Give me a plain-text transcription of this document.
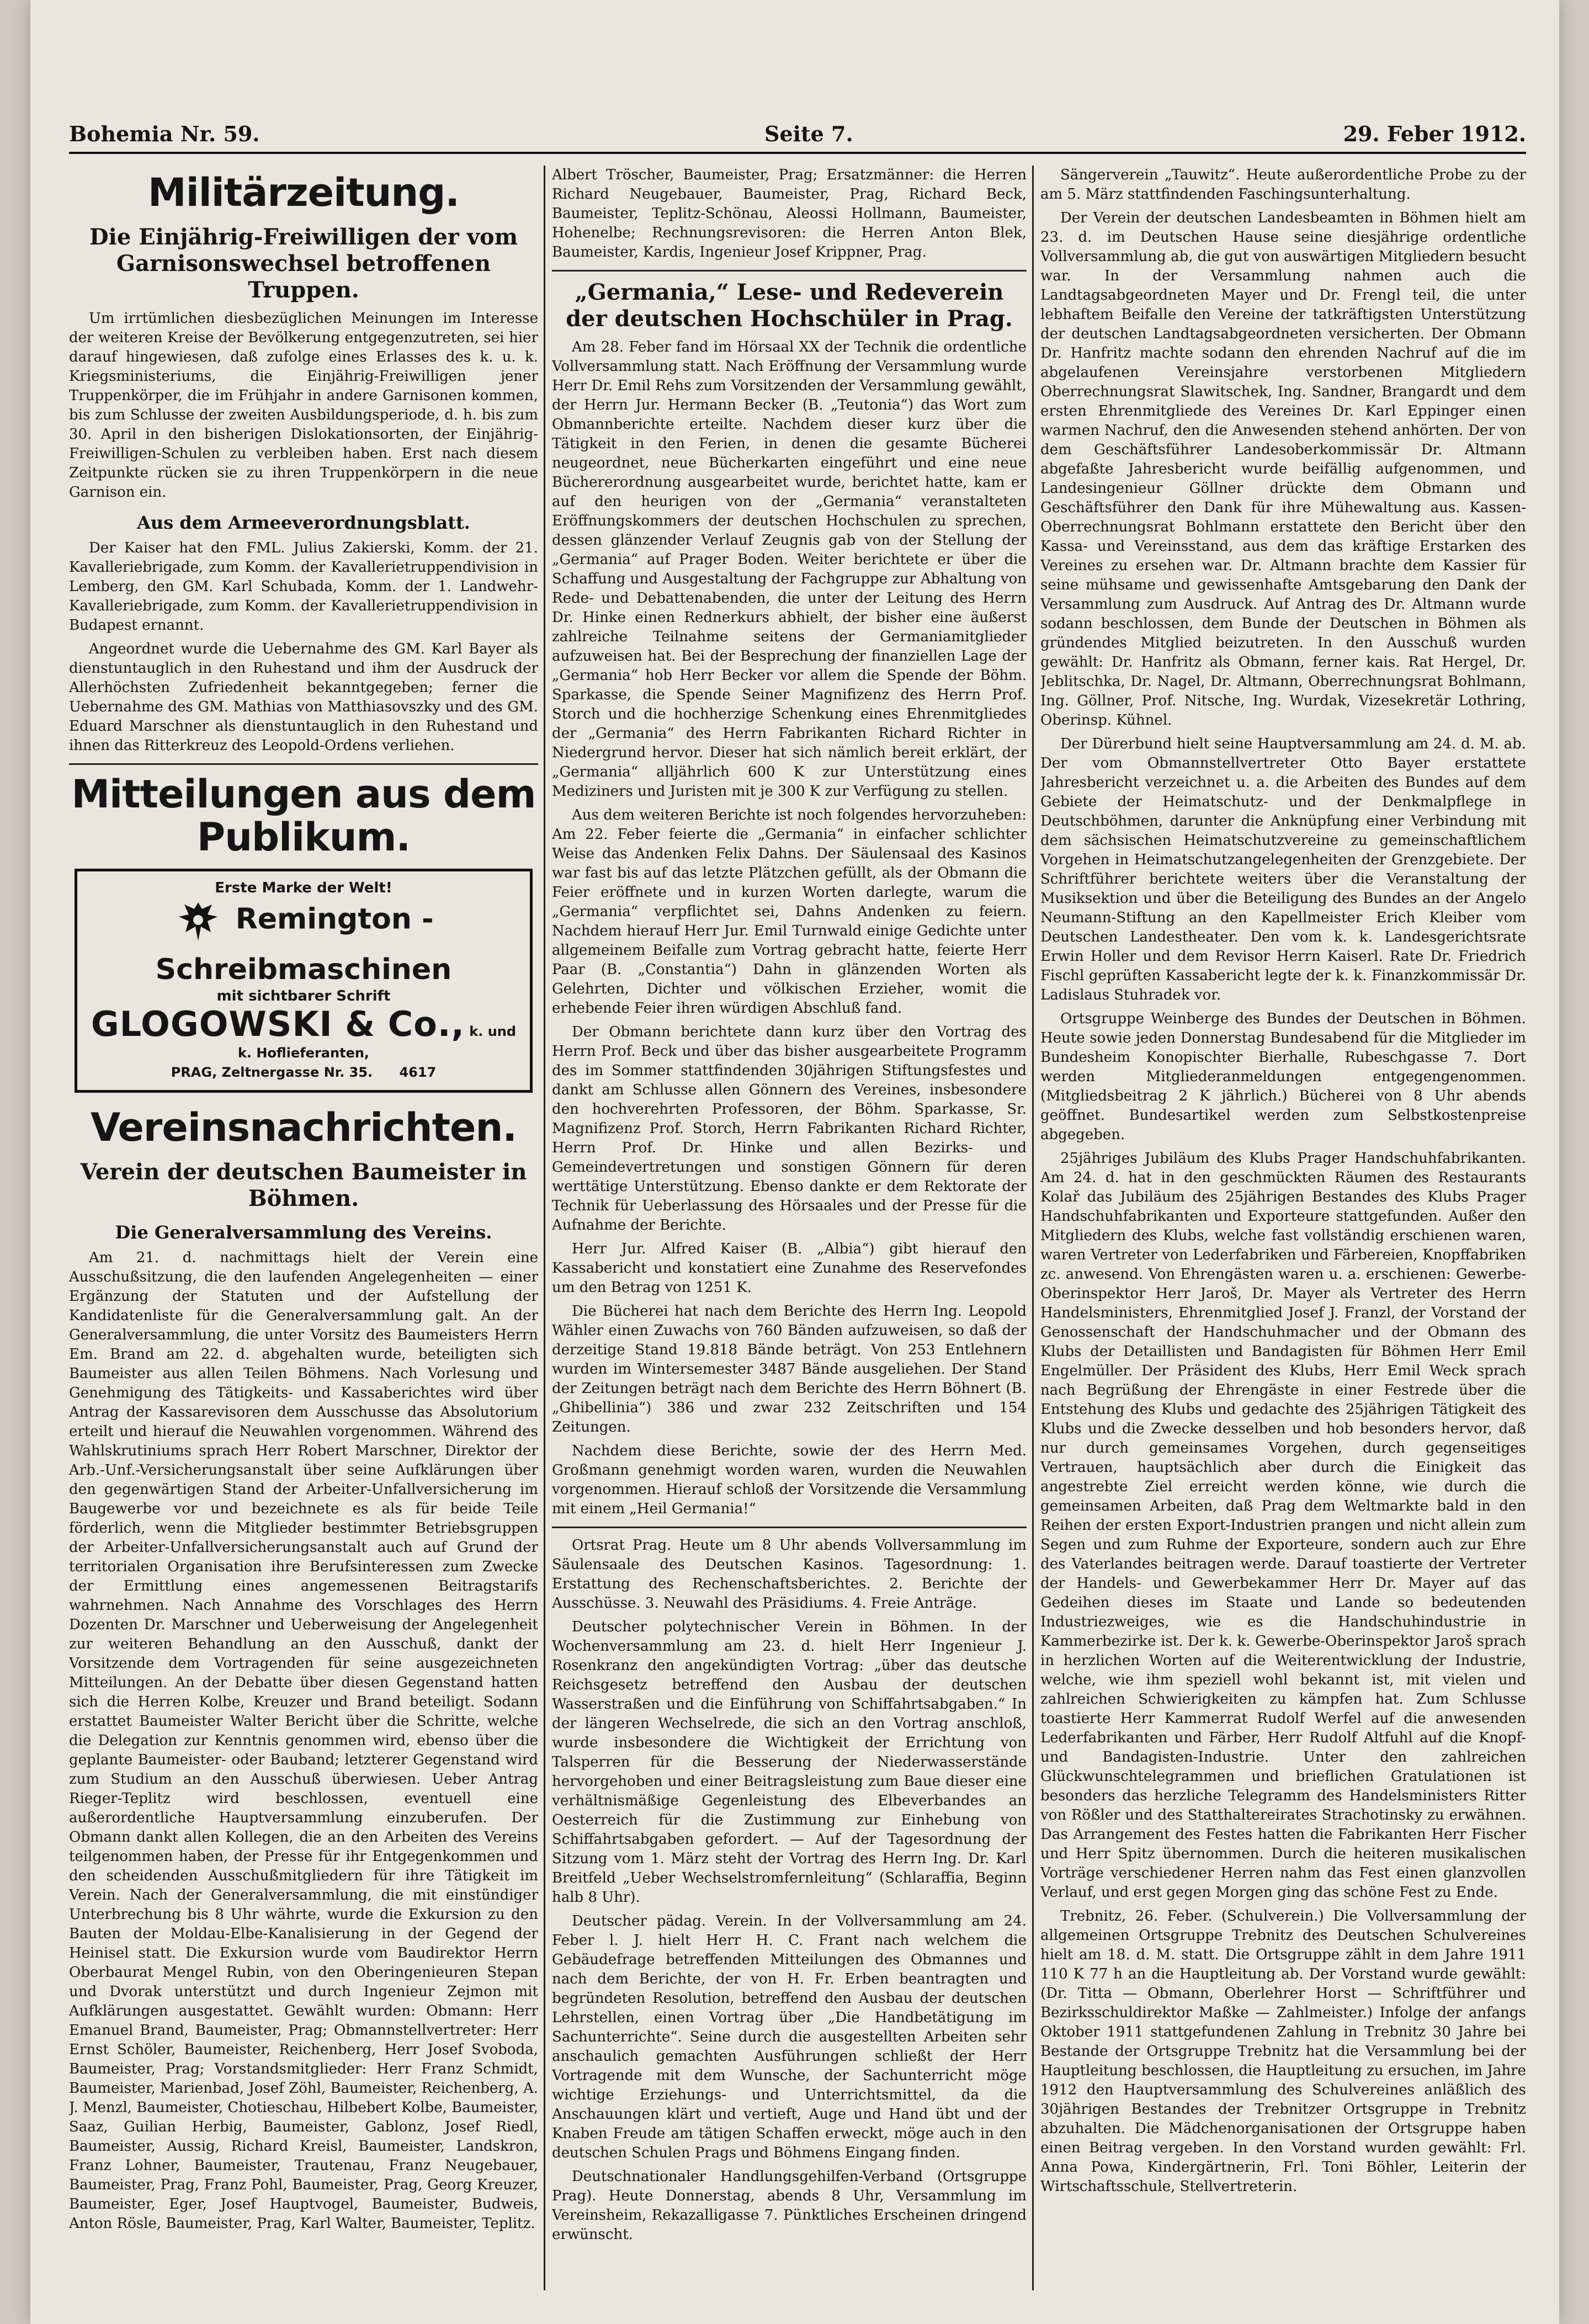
Bohemia Nr. 59.	Seite 7.	29. Feber 1912.
Militärzeitung.
Die Einjährig-Freiwilligen der vom Garnisonswechsel betroffenen Truppen.

Um irrtümlichen diesbezüglichen Meinungen im Interesse der weiteren Kreise der Bevölkerung entgegenzutreten, sei hier darauf hingewiesen, daß zufolge eines Erlasses des k. u. k. Kriegsministeriums, die Einjährig-Freiwilligen jener Truppenkörper, die im Frühjahr in andere Garnisonen kommen, bis zum Schlusse der zweiten Ausbildungsperiode, d. h. bis zum 30. April in den bisherigen Dislokationsorten, der Einjährig-Freiwilligen-Schulen zu verbleiben haben. Erst nach diesem Zeitpunkte rücken sie zu ihren Truppenkörpern in die neue Garnison ein.

Aus dem Armeeverordnungsblatt.

Der Kaiser hat den FML. Julius Zakierski, Komm. der 21. Kavalleriebrigade, zum Komm. der Kavallerietruppendivision in Lemberg, den GM. Karl Schubada, Komm. der 1. Landwehr-Kavalleriebrigade, zum Komm. der Kavallerietruppendivision in Budapest ernannt.

Angeordnet wurde die Uebernahme des GM. Karl Bayer als dienstuntauglich in den Ruhestand und ihm der Ausdruck der Allerhöchsten Zufriedenheit bekanntgegeben; ferner die Uebernahme des GM. Mathias von Matthiasovszky und des GM. Eduard Marschner als dienstuntauglich in den Ruhestand und ihnen das Ritterkreuz des Leopold-Ordens verliehen.

Mitteilungen aus dem Publikum.
Erste Marke der Welt!
Remington - Schreibmaschinen
mit sichtbarer Schrift
GLOGOWSKI & Co., k. und k. Hoflieferanten,
PRAG, Zeltnergasse Nr. 35. 4617
Vereinsnachrichten.
Verein der deutschen Baumeister in Böhmen.
Die Generalversammlung des Vereins.

Am 21. d. nachmittags hielt der Verein eine Ausschußsitzung, die den laufenden Angelegenheiten — einer Ergänzung der Statuten und der Aufstellung der Kandidatenliste für die Generalversammlung galt. An der Generalversammlung, die unter Vorsitz des Baumeisters Herrn Em. Brand am 22. d. abgehalten wurde, beteiligten sich Baumeister aus allen Teilen Böhmens. Nach Vorlesung und Genehmigung des Tätigkeits- und Kassaberichtes wird über Antrag der Kassarevisoren dem Ausschusse das Absolutorium erteilt und hierauf die Neuwahlen vorgenommen. Während des Wahlskrutiniums sprach Herr Robert Marschner, Direktor der Arb.-Unf.-Versicherungsanstalt über seine Aufklärungen über den gegenwärtigen Stand der Arbeiter-Unfallversicherung im Baugewerbe vor und bezeichnete es als für beide Teile förderlich, wenn die Mitglieder bestimmter Betriebsgruppen der Arbeiter-Unfallversicherungsanstalt auch auf Grund der territorialen Organisation ihre Berufsinteressen zum Zwecke der Ermittlung eines angemessenen Beitragstarifs wahrnehmen. Nach Annahme des Vorschlages des Herrn Dozenten Dr. Marschner und Ueberweisung der Angelegenheit zur weiteren Behandlung an den Ausschuß, dankt der Vorsitzende dem Vortragenden für seine ausgezeichneten Mitteilungen. An der Debatte über diesen Gegenstand hatten sich die Herren Kolbe, Kreuzer und Brand beteiligt. Sodann erstattet Baumeister Walter Bericht über die Schritte, welche die Delegation zur Kenntnis genommen wird, ebenso über die geplante Baumeister- oder Bauband; letzterer Gegenstand wird zum Studium an den Ausschuß überwiesen. Ueber Antrag Rieger-Teplitz wird beschlossen, eventuell eine außerordentliche Hauptversammlung einzuberufen. Der Obmann dankt allen Kollegen, die an den Arbeiten des Vereins teilgenommen haben, der Presse für ihr Entgegenkommen und den scheidenden Ausschußmitgliedern für ihre Tätigkeit im Verein. Nach der Generalversammlung, die mit einstündiger Unterbrechung bis 8 Uhr währte, wurde die Exkursion zu den Bauten der Moldau-Elbe-Kanalisierung in der Gegend der Heinisel statt. Die Exkursion wurde vom Baudirektor Herrn Oberbaurat Mengel Rubin, von den Oberingenieuren Stepan und Dvorak unterstützt und durch Ingenieur Zejmon mit Aufklärungen ausgestattet. Gewählt wurden: Obmann: Herr Emanuel Brand, Baumeister, Prag; Obmannstellvertreter: Herr Ernst Schöler, Baumeister, Reichenberg, Herr Josef Svoboda, Baumeister, Prag; Vorstandsmitglieder: Herr Franz Schmidt, Baumeister, Marienbad, Josef Zöhl, Baumeister, Reichenberg, A. J. Menzl, Baumeister, Chotieschau, Hilbebert Kolbe, Baumeister, Saaz, Guilian Herbig, Baumeister, Gablonz, Josef Riedl, Baumeister, Aussig, Richard Kreisl, Baumeister, Landskron, Franz Lohner, Baumeister, Trautenau, Franz Neugebauer, Baumeister, Prag, Franz Pohl, Baumeister, Prag, Georg Kreuzer, Baumeister, Eger, Josef Hauptvogel, Baumeister, Budweis, Anton Rösle, Baumeister, Prag, Karl Walter, Baumeister, Teplitz.

Albert Tröscher, Baumeister, Prag; Ersatzmänner: die Herren Richard Neugebauer, Baumeister, Prag, Richard Beck, Baumeister, Teplitz-Schönau, Aleossi Hollmann, Baumeister, Hohenelbe; Rechnungsrevisoren: die Herren Anton Blek, Baumeister, Kardis, Ingenieur Josef Krippner, Prag.

„Germania,“ Lese- und Redeverein der deutschen Hochschüler in Prag.

Am 28. Feber fand im Hörsaal XX der Technik die ordentliche Vollversammlung statt. Nach Eröffnung der Versammlung wurde Herr Dr. Emil Rehs zum Vorsitzenden der Versammlung gewählt, der Herrn Jur. Hermann Becker (B. „Teutonia“) das Wort zum Obmannberichte erteilte. Nachdem dieser kurz über die Tätigkeit in den Ferien, in denen die gesamte Bücherei neugeordnet, neue Bücherkarten eingeführt und eine neue Büchererordnung ausgearbeitet wurde, berichtet hatte, kam er auf den heurigen von der „Germania“ veranstalteten Eröffnungskommers der deutschen Hochschulen zu sprechen, dessen glänzender Verlauf Zeugnis gab von der Stellung der „Germania“ auf Prager Boden. Weiter berichtete er über die Schaffung und Ausgestaltung der Fachgruppe zur Abhaltung von Rede- und Debattenabenden, die unter der Leitung des Herrn Dr. Hinke einen Rednerkurs abhielt, der bisher eine äußerst zahlreiche Teilnahme seitens der Germaniamitglieder aufzuweisen hat. Bei der Besprechung der finanziellen Lage der „Germania“ hob Herr Becker vor allem die Spende der Böhm. Sparkasse, die Spende Seiner Magnifizenz des Herrn Prof. Storch und die hochherzige Schenkung eines Ehrenmitgliedes der „Germania“ des Herrn Fabrikanten Richard Richter in Niedergrund hervor. Dieser hat sich nämlich bereit erklärt, der „Germania“ alljährlich 600 K zur Unterstützung eines Mediziners und Juristen mit je 300 K zur Verfügung zu stellen.

Aus dem weiteren Berichte ist noch folgendes hervorzuheben: Am 22. Feber feierte die „Germania“ in einfacher schlichter Weise das Andenken Felix Dahns. Der Säulensaal des Kasinos war fast bis auf das letzte Plätzchen gefüllt, als der Obmann die Feier eröffnete und in kurzen Worten darlegte, warum die „Germania“ verpflichtet sei, Dahns Andenken zu feiern. Nachdem hierauf Herr Jur. Emil Turnwald einige Gedichte unter allgemeinem Beifalle zum Vortrag gebracht hatte, feierte Herr Paar (B. „Constantia“) Dahn in glänzenden Worten als Gelehrten, Dichter und völkischen Erzieher, womit die erhebende Feier ihren würdigen Abschluß fand.

Der Obmann berichtete dann kurz über den Vortrag des Herrn Prof. Beck und über das bisher ausgearbeitete Programm des im Sommer stattfindenden 30jährigen Stiftungsfestes und dankt am Schlusse allen Gönnern des Vereines, insbesondere den hochverehrten Professoren, der Böhm. Sparkasse, Sr. Magnifizenz Prof. Storch, Herrn Fabrikanten Richard Richter, Herrn Prof. Dr. Hinke und allen Bezirks- und Gemeindevertretungen und sonstigen Gönnern für deren werttätige Unterstützung. Ebenso dankte er dem Rektorate der Technik für Ueberlassung des Hörsaales und der Presse für die Aufnahme der Berichte.

Herr Jur. Alfred Kaiser (B. „Albia“) gibt hierauf den Kassabericht und konstatiert eine Zunahme des Reservefondes um den Betrag von 1251 K.

Die Bücherei hat nach dem Berichte des Herrn Ing. Leopold Wähler einen Zuwachs von 760 Bänden aufzuweisen, so daß der derzeitige Stand 19.818 Bände beträgt. Von 253 Entlehnern wurden im Wintersemester 3487 Bände ausgeliehen. Der Stand der Zeitungen beträgt nach dem Berichte des Herrn Böhnert (B. „Ghibellinia“) 386 und zwar 232 Zeitschriften und 154 Zeitungen.

Nachdem diese Berichte, sowie der des Herrn Med. Großmann genehmigt worden waren, wurden die Neuwahlen vorgenommen. Hierauf schloß der Vorsitzende die Versammlung mit einem „Heil Germania!“

Ortsrat Prag. Heute um 8 Uhr abends Vollversammlung im Säulensaale des Deutschen Kasinos. Tagesordnung: 1. Erstattung des Rechenschaftsberichtes. 2. Berichte der Ausschüsse. 3. Neuwahl des Präsidiums. 4. Freie Anträge.

Deutscher polytechnischer Verein in Böhmen. In der Wochenversammlung am 23. d. hielt Herr Ingenieur J. Rosenkranz den angekündigten Vortrag: „über das deutsche Reichsgesetz betreffend den Ausbau der deutschen Wasserstraßen und die Einführung von Schiffahrtsabgaben.“ In der längeren Wechselrede, die sich an den Vortrag anschloß, wurde insbesondere die Wichtigkeit der Errichtung von Talsperren für die Besserung der Niederwasserstände hervorgehoben und einer Beitragsleistung zum Baue dieser eine verhältnismäßige Gegenleistung des Elbeverbandes an Oesterreich für die Zustimmung zur Einhebung von Schiffahrtsabgaben gefordert. — Auf der Tagesordnung der Sitzung vom 1. März steht der Vortrag des Herrn Ing. Dr. Karl Breitfeld „Ueber Wechselstromfernleitung“ (Schlaraffia, Beginn halb 8 Uhr).

Deutscher pädag. Verein. In der Vollversammlung am 24. Feber l. J. hielt Herr H. C. Frant nach welchem die Gebäudefrage betreffenden Mitteilungen des Obmannes und nach dem Berichte, der von H. Fr. Erben beantragten und begründeten Resolution, betreffend den Ausbau der deutschen Lehrstellen, einen Vortrag über „Die Handbetätigung im Sachunterrichte“. Seine durch die ausgestellten Arbeiten sehr anschaulich gemachten Ausführungen schließt der Herr Vortragende mit dem Wunsche, der Sachunterricht möge wichtige Erziehungs- und Unterrichtsmittel, da die Anschauungen klärt und vertieft, Auge und Hand übt und der Knaben Freude am tätigen Schaffen erweckt, möge auch in den deutschen Schulen Prags und Böhmens Eingang finden.

Deutschnationaler Handlungsgehilfen-Verband (Ortsgruppe Prag). Heute Donnerstag, abends 8 Uhr, Versammlung im Vereinsheim, Rekazalligasse 7. Pünktliches Erscheinen dringend erwünscht.

Sängerverein „Tauwitz“. Heute außerordentliche Probe zu der am 5. März stattfindenden Faschingsunterhaltung.

Der Verein der deutschen Landesbeamten in Böhmen hielt am 23. d. im Deutschen Hause seine diesjährige ordentliche Vollversammlung ab, die gut von auswärtigen Mitgliedern besucht war. In der Versammlung nahmen auch die Landtagsabgeordneten Mayer und Dr. Frengl teil, die unter lebhaftem Beifalle den Vereine der tatkräftigsten Unterstützung der deutschen Landtagsabgeordneten versicherten. Der Obmann Dr. Hanfritz machte sodann den ehrenden Nachruf auf die im abgelaufenen Vereinsjahre verstorbenen Mitgliedern Oberrechnungsrat Slawitschek, Ing. Sandner, Brangardt und dem ersten Ehrenmitgliede des Vereines Dr. Karl Eppinger einen warmen Nachruf, den die Anwesenden stehend anhörten. Der von dem Geschäftsführer Landesoberkommissär Dr. Altmann abgefaßte Jahresbericht wurde beifällig aufgenommen, und Landesingenieur Göllner drückte dem Obmann und Geschäftsführer den Dank für ihre Mühewaltung aus. Kassen-Oberrechnungsrat Bohlmann erstattete den Bericht über den Kassa- und Vereinsstand, aus dem das kräftige Erstarken des Vereines zu ersehen war. Dr. Altmann brachte dem Kassier für seine mühsame und gewissenhafte Amtsgebarung den Dank der Versammlung zum Ausdruck. Auf Antrag des Dr. Altmann wurde sodann beschlossen, dem Bunde der Deutschen in Böhmen als gründendes Mitglied beizutreten. In den Ausschuß wurden gewählt: Dr. Hanfritz als Obmann, ferner kais. Rat Hergel, Dr. Jeblitschka, Dr. Nagel, Dr. Altmann, Oberrechnungsrat Bohlmann, Ing. Göllner, Prof. Nitsche, Ing. Wurdak, Vizesekretär Lothring, Oberinsp. Kühnel.

Der Dürerbund hielt seine Hauptversammlung am 24. d. M. ab. Der vom Obmannstellvertreter Otto Bayer erstattete Jahresbericht verzeichnet u. a. die Arbeiten des Bundes auf dem Gebiete der Heimatschutz- und der Denkmalpflege in Deutschböhmen, darunter die Anknüpfung einer Verbindung mit dem sächsischen Heimatschutzvereine zu gemeinschaftlichem Vorgehen in Heimatschutzangelegenheiten der Grenzgebiete. Der Schriftführer berichtete weiters über die Veranstaltung der Musiksektion und über die Beteiligung des Bundes an der Angelo Neumann-Stiftung an den Kapellmeister Erich Kleiber vom Deutschen Landestheater. Den vom k. k. Landesgerichtsrate Erwin Holler und dem Revisor Herrn Kaiserl. Rate Dr. Friedrich Fischl geprüften Kassabericht legte der k. k. Finanzkommissär Dr. Ladislaus Stuhradek vor.

Ortsgruppe Weinberge des Bundes der Deutschen in Böhmen. Heute sowie jeden Donnerstag Bundesabend für die Mitglieder im Bundesheim Konopischter Bierhalle, Rubeschgasse 7. Dort werden Mitgliederanmeldungen entgegengenommen. (Mitgliedsbeitrag 2 K jährlich.) Bücherei von 8 Uhr abends geöffnet. Bundesartikel werden zum Selbstkostenpreise abgegeben.

25jähriges Jubiläum des Klubs Prager Handschuhfabrikanten. Am 24. d. hat in den geschmückten Räumen des Restaurants Kolař das Jubiläum des 25jährigen Bestandes des Klubs Prager Handschuhfabrikanten und Exporteure stattgefunden. Außer den Mitgliedern des Klubs, welche fast vollständig erschienen waren, waren Vertreter von Lederfabriken und Färbereien, Knopffabriken zc. anwesend. Von Ehrengästen waren u. a. erschienen: Gewerbe-Oberinspektor Herr Jaroš, Dr. Mayer als Vertreter des Herrn Handelsministers, Ehrenmitglied Josef J. Franzl, der Vorstand der Genossenschaft der Handschuhmacher und der Obmann des Klubs der Detaillisten und Bandagisten für Böhmen Herr Emil Engelmüller. Der Präsident des Klubs, Herr Emil Weck sprach nach Begrüßung der Ehrengäste in einer Festrede über die Entstehung des Klubs und gedachte des 25jährigen Tätigkeit des Klubs und die Zwecke desselben und hob besonders hervor, daß nur durch gemeinsames Vorgehen, durch gegenseitiges Vertrauen, hauptsächlich aber durch die Einigkeit das angestrebte Ziel erreicht werden könne, wie durch die gemeinsamen Arbeiten, daß Prag dem Weltmarkte bald in den Reihen der ersten Export-Industrien prangen und nicht allein zum Segen und zum Ruhme der Exporteure, sondern auch zur Ehre des Vaterlandes beitragen werde. Darauf toastierte der Vertreter der Handels- und Gewerbekammer Herr Dr. Mayer auf das Gedeihen dieses im Staate und Lande so bedeutenden Industriezweiges, wie es die Handschuhindustrie in Kammerbezirke ist. Der k. k. Gewerbe-Oberinspektor Jaroš sprach in herzlichen Worten auf die Weiterentwicklung der Industrie, welche, wie ihm speziell wohl bekannt ist, mit vielen und zahlreichen Schwierigkeiten zu kämpfen hat. Zum Schlusse toastierte Herr Kammerrat Rudolf Werfel auf die anwesenden Lederfabrikanten und Färber, Herr Rudolf Altfuhl auf die Knopf- und Bandagisten-Industrie. Unter den zahlreichen Glückwunschtelegrammen und brieflichen Gratulationen ist besonders das herzliche Telegramm des Handelsministers Ritter von Rößler und des Statthaltereirates Strachotinsky zu erwähnen. Das Arrangement des Festes hatten die Fabrikanten Herr Fischer und Herr Spitz übernommen. Durch die heiteren musikalischen Vorträge verschiedener Herren nahm das Fest einen glanzvollen Verlauf, und erst gegen Morgen ging das schöne Fest zu Ende.

Trebnitz, 26. Feber. (Schulverein.) Die Vollversammlung der allgemeinen Ortsgruppe Trebnitz des Deutschen Schulvereines hielt am 18. d. M. statt. Die Ortsgruppe zählt in dem Jahre 1911 110 K 77 h an die Hauptleitung ab. Der Vorstand wurde gewählt: (Dr. Titta — Obmann, Oberlehrer Horst — Schriftführer und Bezirksschuldirektor Maßke — Zahlmeister.) Infolge der anfangs Oktober 1911 stattgefundenen Zahlung in Trebnitz 30 Jahre bei Bestande der Ortsgruppe Trebnitz hat die Versammlung bei der Hauptleitung beschlossen, die Hauptleitung zu ersuchen, im Jahre 1912 den Hauptversammlung des Schulvereines anläßlich des 30jährigen Bestandes der Trebnitzer Ortsgruppe in Trebnitz abzuhalten. Die Mädchenorganisationen der Ortsgruppe haben einen Beitrag vergeben. In den Vorstand wurden gewählt: Frl. Anna Powa, Kindergärtnerin, Frl. Toni Böhler, Leiterin der Wirtschaftsschule, Stellvertreterin.
